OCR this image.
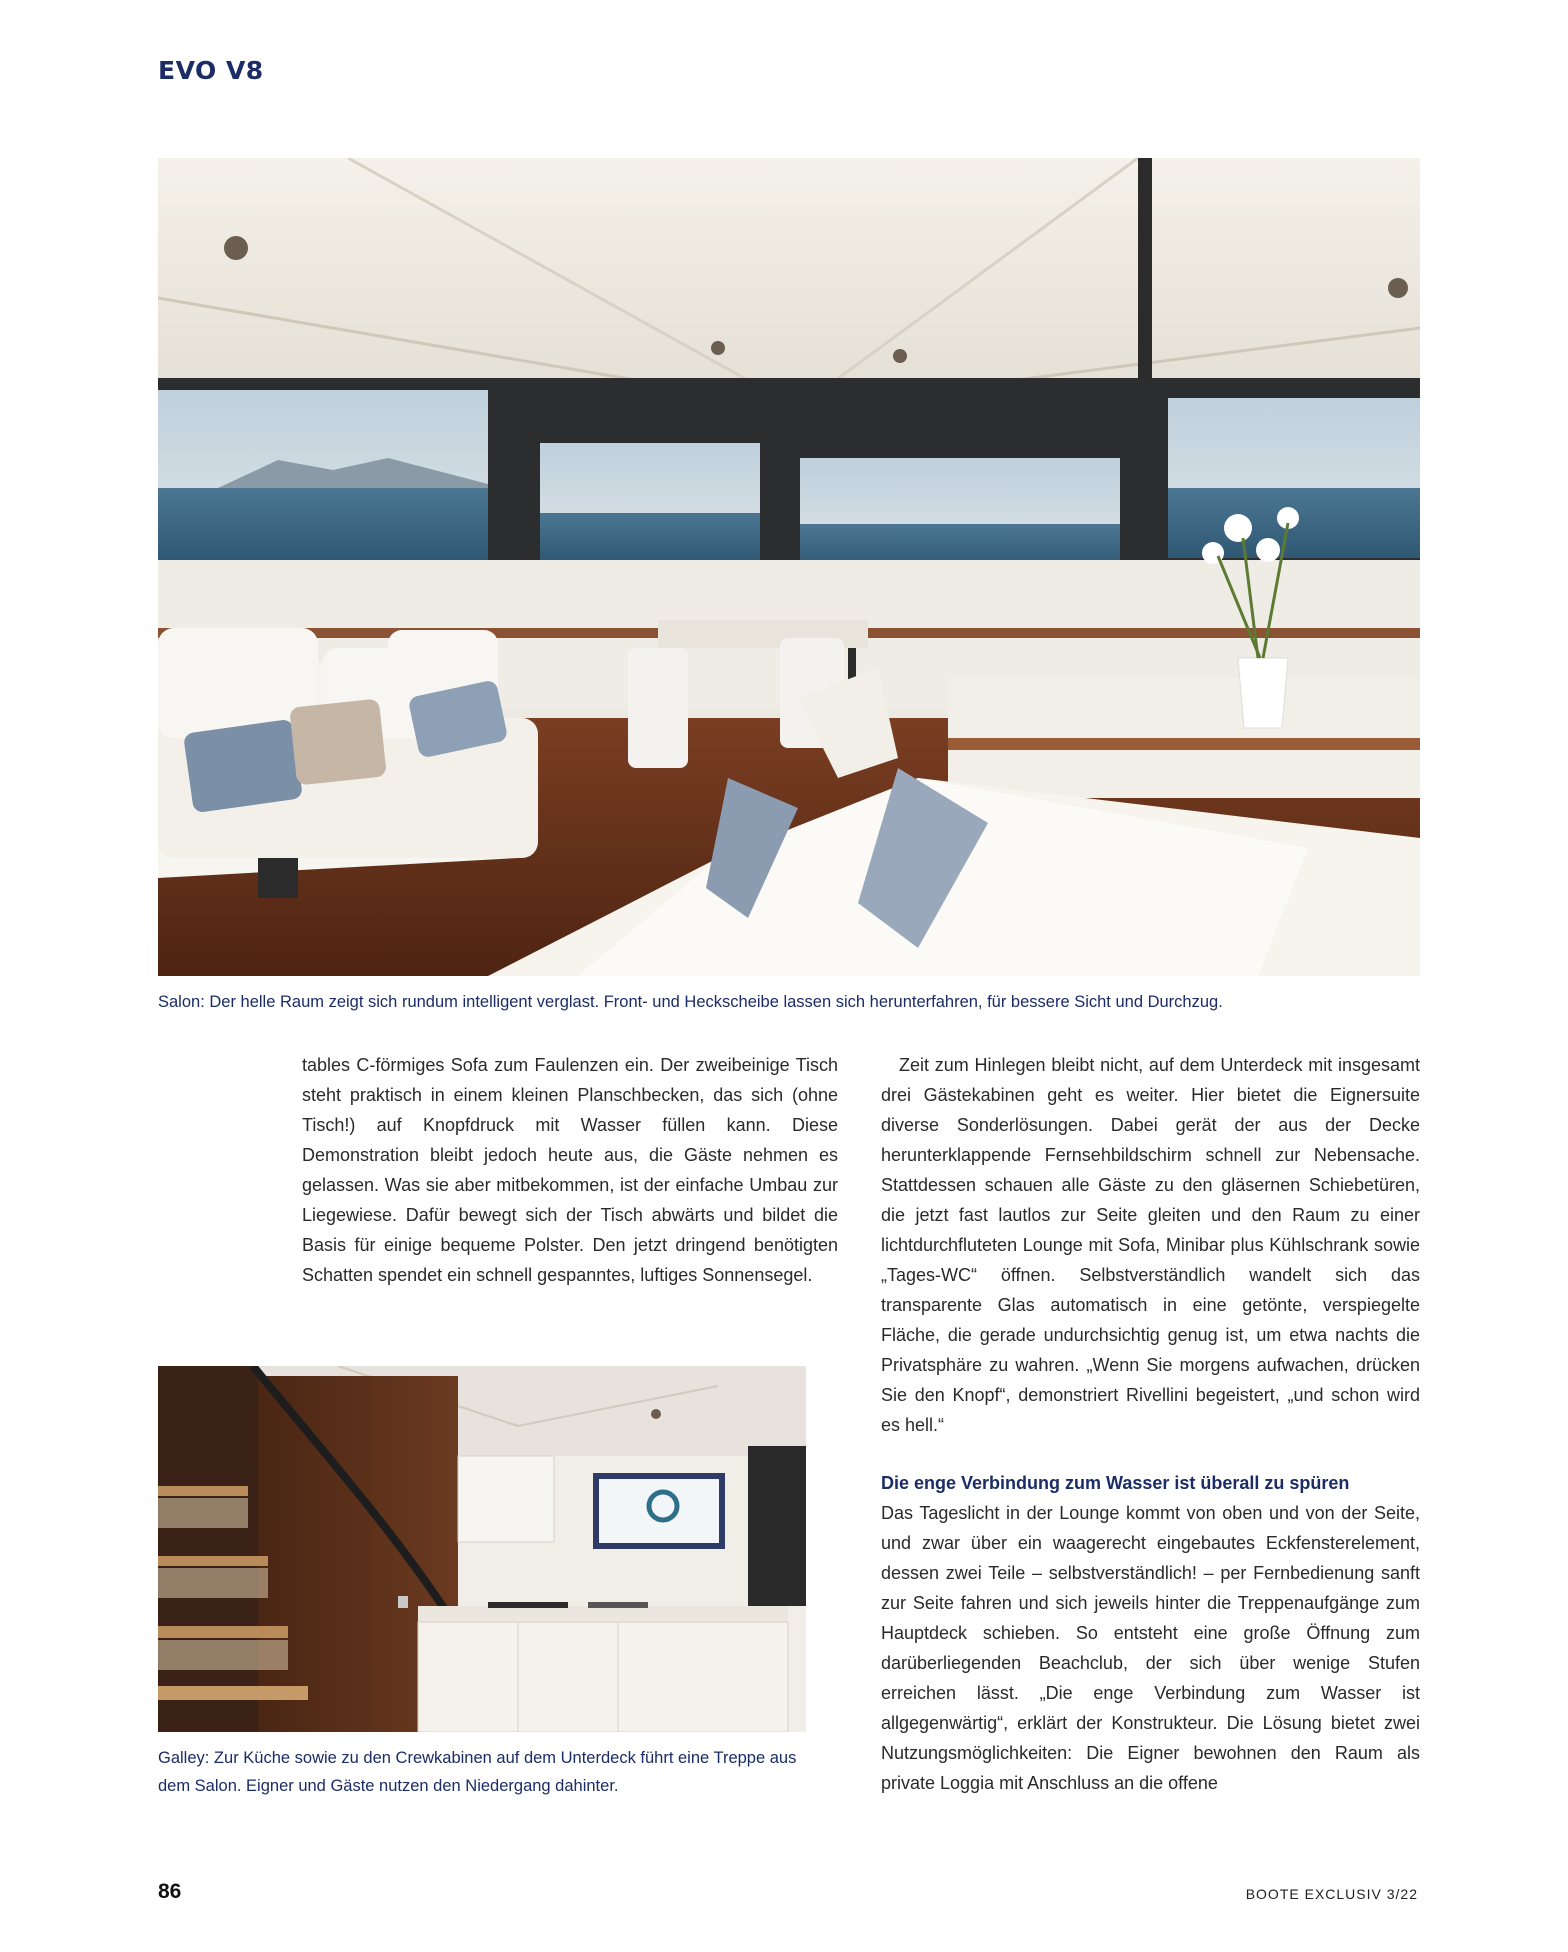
EVO V8
Salon: Der helle Raum zeigt sich rundum intelligent verglast. Front- und Heckscheibe lassen sich herunterfahren, für bessere Sicht und Durchzug.

tables C-förmiges Sofa zum Faulenzen ein. Der zweibeinige Tisch steht praktisch in einem kleinen Planschbecken, das sich (ohne Tisch!) auf Knopfdruck mit Wasser füllen kann. Diese Demonstration bleibt jedoch heute aus, die Gäste nehmen es gelassen. Was sie aber mitbekommen, ist der einfache Umbau zur Liegewiese. Dafür bewegt sich der Tisch abwärts und bildet die Basis für einige bequeme Polster. Den jetzt dringend benötigten Schatten spendet ein schnell gespanntes, luftiges Sonnensegel.

Zeit zum Hinlegen bleibt nicht, auf dem Unterdeck mit insgesamt drei Gästekabinen geht es weiter. Hier bietet die Eignersuite diverse Sonderlösungen. Dabei gerät der aus der Decke herunterklappende Fernsehbildschirm schnell zur Nebensache. Stattdessen schauen alle Gäste zu den gläsernen Schiebetüren, die jetzt fast lautlos zur Seite gleiten und den Raum zu einer lichtdurchfluteten Lounge mit Sofa, Minibar plus Kühlschrank sowie „Tages-WC“ öffnen. Selbstverständlich wandelt sich das transparente Glas automatisch in eine getönte, verspiegelte Fläche, die gerade undurchsichtig genug ist, um etwa nachts die Privatsphäre zu wahren. „Wenn Sie morgens aufwachen, drücken Sie den Knopf“, demonstriert Rivellini begeistert, „und schon wird es hell.“

Die enge Verbindung zum Wasser ist überall zu spüren

Das Tageslicht in der Lounge kommt von oben und von der Seite, und zwar über ein waagerecht eingebautes Eckfensterelement, dessen zwei Teile – selbstverständlich! – per Fernbedienung sanft zur Seite fahren und sich jeweils hinter die Treppenaufgänge zum Hauptdeck schieben. So entsteht eine große Öffnung zum darüberliegenden Beachclub, der sich über wenige Stufen erreichen lässt. „Die enge Verbindung zum Wasser ist allgegenwärtig“, erklärt der Konstrukteur. Die Lösung bietet zwei Nutzungsmöglichkeiten: Die Eigner bewohnen den Raum als private Loggia mit Anschluss an die offene

Galley: Zur Küche sowie zu den Crewkabinen auf dem Unterdeck führt eine Treppe aus dem Salon. Eigner und Gäste nutzen den Niedergang dahinter.
86	BOOTE EXCLUSIV 3/22
